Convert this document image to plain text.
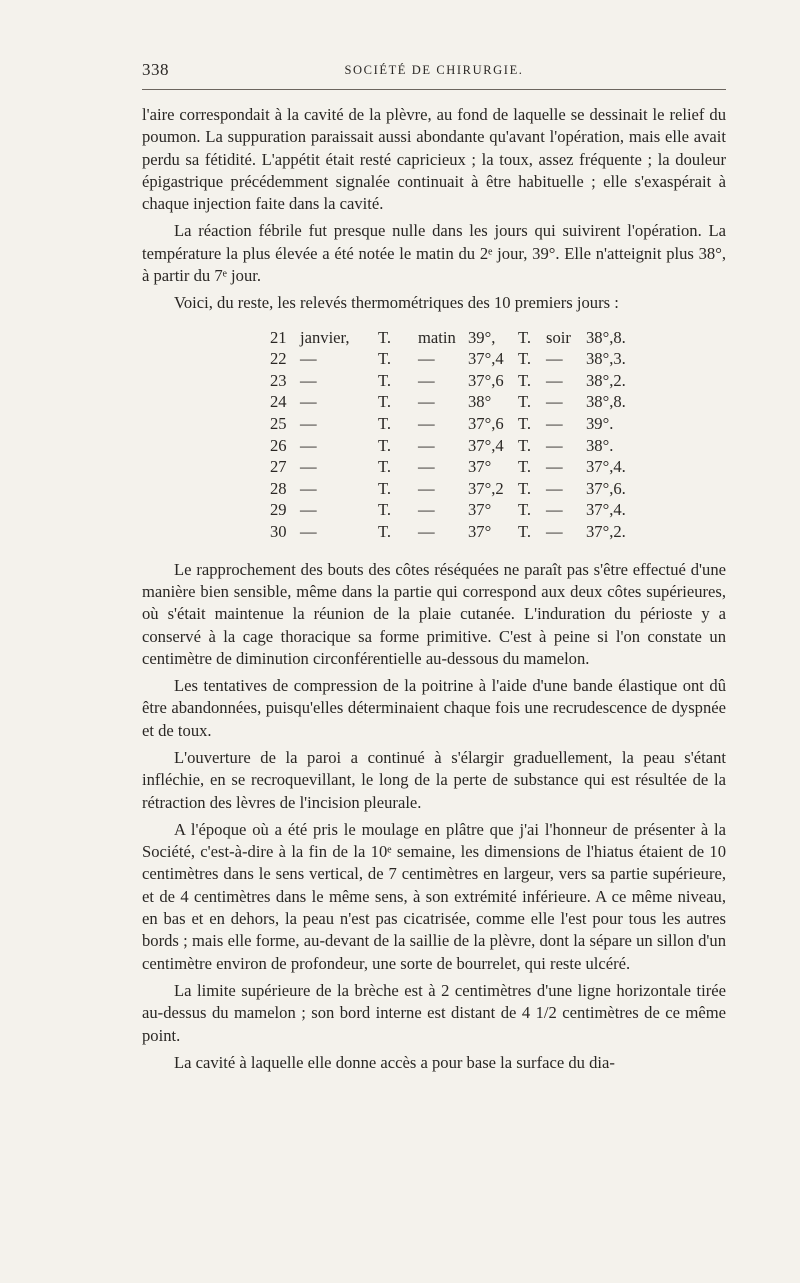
338	SOCIÉTÉ DE CHIRURGIE.

l'aire correspondait à la cavité de la plèvre, au fond de laquelle se dessinait le relief du poumon. La suppuration paraissait aussi abondante qu'avant l'opération, mais elle avait perdu sa fétidité. L'appétit était resté capricieux ; la toux, assez fréquente ; la douleur épigastrique précédemment signalée continuait à être habituelle ; elle s'exaspérait à chaque injection faite dans la cavité.

La réaction fébrile fut presque nulle dans les jours qui suivirent l'opération. La température la plus élevée a été notée le matin du 2ᵉ jour, 39°. Elle n'atteignit plus 38°, à partir du 7ᵉ jour.

Voici, du reste, les relevés thermométriques des 10 premiers jours :

21	janvier,	T.	matin	39°,	T.	soir	38°,8.
22	—	T.	—	37°,4	T.	—	38°,3.
23	—	T.	—	37°,6	T.	—	38°,2.
24	—	T.	—	38°	T.	—	38°,8.
25	—	T.	—	37°,6	T.	—	39°.
26	—	T.	—	37°,4	T.	—	38°.
27	—	T.	—	37°	T.	—	37°,4.
28	—	T.	—	37°,2	T.	—	37°,6.
29	—	T.	—	37°	T.	—	37°,4.
30	—	T.	—	37°	T.	—	37°,2.

Le rapprochement des bouts des côtes réséquées ne paraît pas s'être effectué d'une manière bien sensible, même dans la partie qui correspond aux deux côtes supérieures, où s'était maintenue la réunion de la plaie cutanée. L'induration du périoste y a conservé à la cage thoracique sa forme primitive. C'est à peine si l'on constate un centimètre de diminution circonférentielle au-dessous du mamelon.

Les tentatives de compression de la poitrine à l'aide d'une bande élastique ont dû être abandonnées, puisqu'elles déterminaient chaque fois une recrudescence de dyspnée et de toux.

L'ouverture de la paroi a continué à s'élargir graduellement, la peau s'étant infléchie, en se recroquevillant, le long de la perte de substance qui est résultée de la rétraction des lèvres de l'incision pleurale.

A l'époque où a été pris le moulage en plâtre que j'ai l'honneur de présenter à la Société, c'est-à-dire à la fin de la 10ᵉ semaine, les dimensions de l'hiatus étaient de 10 centimètres dans le sens vertical, de 7 centimètres en largeur, vers sa partie supérieure, et de 4 centimètres dans le même sens, à son extrémité inférieure. A ce même niveau, en bas et en dehors, la peau n'est pas cicatrisée, comme elle l'est pour tous les autres bords ; mais elle forme, au-devant de la saillie de la plèvre, dont la sépare un sillon d'un centimètre environ de profondeur, une sorte de bourrelet, qui reste ulcéré.

La limite supérieure de la brèche est à 2 centimètres d'une ligne horizontale tirée au-dessus du mamelon ; son bord interne est distant de 4 1/2 centimètres de ce même point.

La cavité à laquelle elle donne accès a pour base la surface du dia-
